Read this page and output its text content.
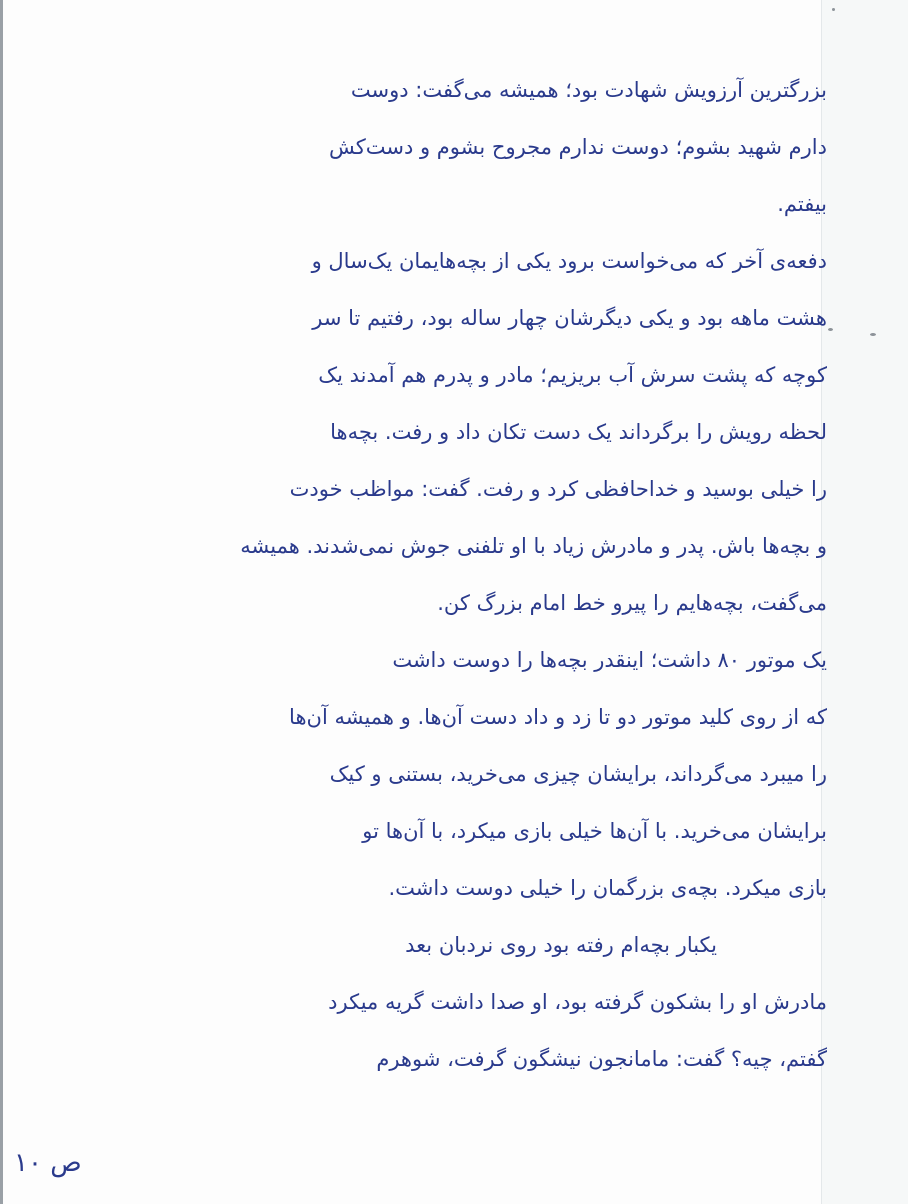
بزرگترین آرزویش شهادت بود؛ همیشه می‌گفت: دوست
دارم شهید بشوم؛ دوست ندارم مجروح بشوم و دست‌کش
بیفتم.
دفعه‌ی آخر که می‌خواست برود یکی از بچه‌هایمان یک‌سال و
هشت ماهه بود و یکی دیگرشان چهار ساله بود، رفتیم تا سر
کوچه که پشت سرش آب بریزیم؛ مادر و پدرم هم آمدند یک
لحظه رویش را برگرداند یک دست تکان داد و رفت. بچه‌ها
را خیلی بوسید و خداحافظی کرد و رفت. گفت: مواظب خودت
و بچه‌ها باش. پدر و مادرش زیاد با او تلفنی جوش نمی‌شدند. همیشه
می‌گفت، بچه‌هایم را پیرو خط امام بزرگ کن.
یک موتور ۸۰ داشت؛ اینقدر بچه‌ها را دوست داشت
که از روی کلید موتور دو تا زد و داد دست آن‌ها. و همیشه آن‌ها
را میبرد می‌گرداند، برایشان چیزی می‌خرید، بستنی و کیک
برایشان می‌خرید. با آن‌ها خیلی بازی میکرد، با آن‌ها تو
بازی میکرد. بچه‌ی بزرگمان را خیلی دوست داشت.
یکبار بچه‌ام رفته بود روی نردبان بعد
مادرش او را بشکون گرفته بود، او صدا داشت گریه میکرد
گفتم، چیه؟ گفت: مامانجون نیشگون گرفت، شوهرم
ص ۱۰
